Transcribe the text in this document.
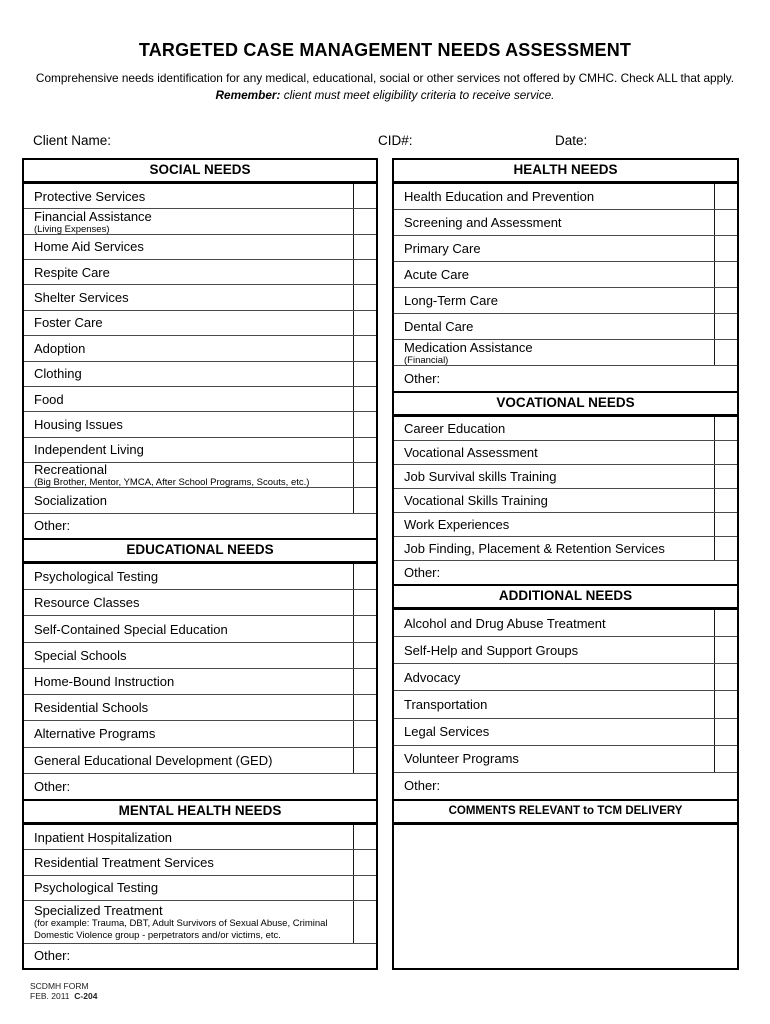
TARGETED CASE MANAGEMENT NEEDS ASSESSMENT
Comprehensive needs identification for any medical, educational, social or other services not offered by CMHC. Check ALL that apply.
Remember: client must meet eligibility criteria to receive service.
Client Name:	CID#:	Date:
SOCIAL NEEDS
Protective Services
Financial Assistance
(Living Expenses)
Home Aid Services
Respite Care
Shelter Services
Foster Care
Adoption
Clothing
Food
Housing Issues
Independent Living
Recreational
(Big Brother, Mentor, YMCA, After School Programs, Scouts, etc.)
Socialization
Other:
EDUCATIONAL NEEDS
Psychological Testing
Resource Classes
Self-Contained Special Education
Special Schools
Home-Bound Instruction
Residential Schools
Alternative Programs
General Educational Development (GED)
Other:
MENTAL HEALTH NEEDS
Inpatient Hospitalization
Residential Treatment Services
Psychological Testing
Specialized Treatment
(for example: Trauma, DBT, Adult Survivors of Sexual Abuse, Criminal Domestic Violence group - perpetrators and/or victims, etc.
Other:
HEALTH NEEDS
Health Education and Prevention
Screening and Assessment
Primary Care
Acute Care
Long-Term Care
Dental Care
Medication Assistance
(Financial)
Other:
VOCATIONAL NEEDS
Career Education
Vocational Assessment
Job Survival skills Training
Vocational Skills Training
Work Experiences
Job Finding, Placement & Retention Services
Other:
ADDITIONAL NEEDS
Alcohol and Drug Abuse Treatment
Self-Help and Support Groups
Advocacy
Transportation
Legal Services
Volunteer Programs
Other:
COMMENTS RELEVANT to TCM DELIVERY
SCDMH FORM
FEB. 2011 C-204
